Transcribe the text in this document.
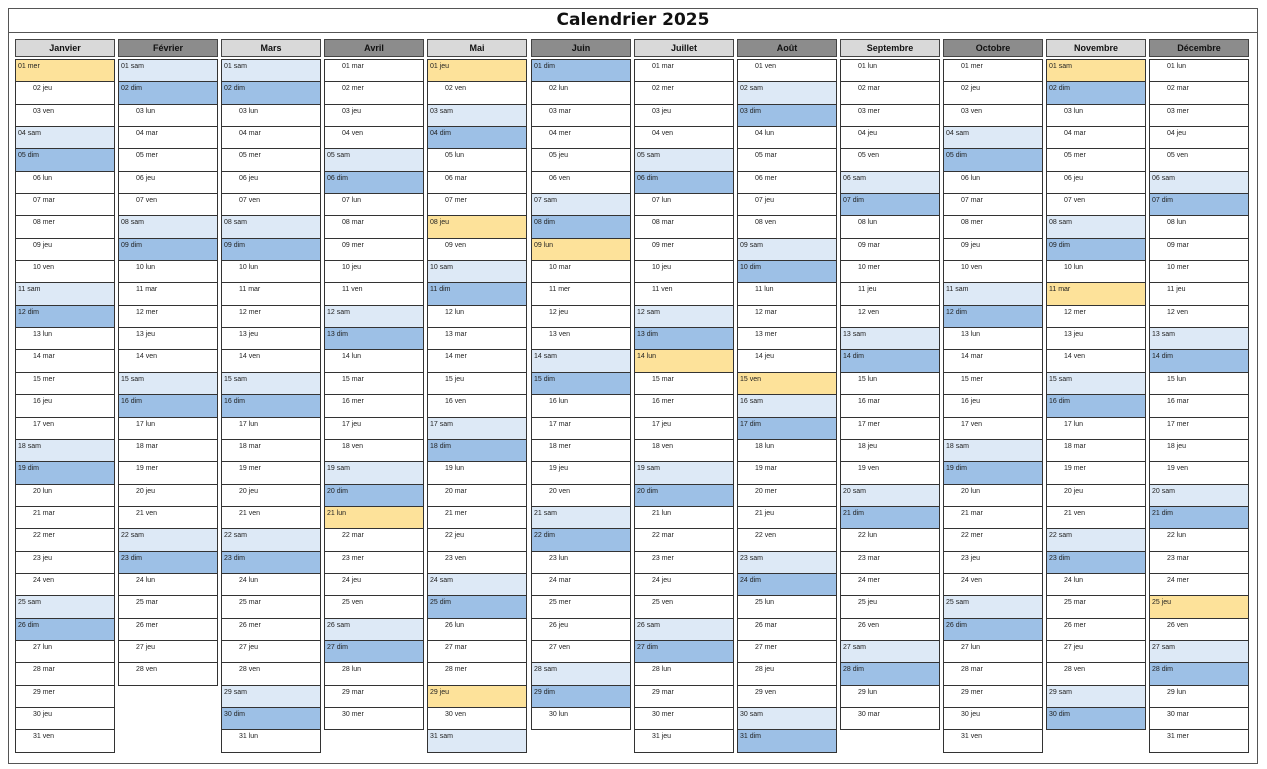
Calendrier 2025
Janvier
01 mer
02 jeu
03 ven
04 sam
05 dim
06 lun
07 mar
08 mer
09 jeu
10 ven
11 sam
12 dim
13 lun
14 mar
15 mer
16 jeu
17 ven
18 sam
19 dim
20 lun
21 mar
22 mer
23 jeu
24 ven
25 sam
26 dim
27 lun
28 mar
29 mer
30 jeu
31 ven
Février
01 sam
02 dim
03 lun
04 mar
05 mer
06 jeu
07 ven
08 sam
09 dim
10 lun
11 mar
12 mer
13 jeu
14 ven
15 sam
16 dim
17 lun
18 mar
19 mer
20 jeu
21 ven
22 sam
23 dim
24 lun
25 mar
26 mer
27 jeu
28 ven
Mars
01 sam
02 dim
03 lun
04 mar
05 mer
06 jeu
07 ven
08 sam
09 dim
10 lun
11 mar
12 mer
13 jeu
14 ven
15 sam
16 dim
17 lun
18 mar
19 mer
20 jeu
21 ven
22 sam
23 dim
24 lun
25 mar
26 mer
27 jeu
28 ven
29 sam
30 dim
31 lun
Avril
01 mar
02 mer
03 jeu
04 ven
05 sam
06 dim
07 lun
08 mar
09 mer
10 jeu
11 ven
12 sam
13 dim
14 lun
15 mar
16 mer
17 jeu
18 ven
19 sam
20 dim
21 lun
22 mar
23 mer
24 jeu
25 ven
26 sam
27 dim
28 lun
29 mar
30 mer
Mai
01 jeu
02 ven
03 sam
04 dim
05 lun
06 mar
07 mer
08 jeu
09 ven
10 sam
11 dim
12 lun
13 mar
14 mer
15 jeu
16 ven
17 sam
18 dim
19 lun
20 mar
21 mer
22 jeu
23 ven
24 sam
25 dim
26 lun
27 mar
28 mer
29 jeu
30 ven
31 sam
Juin
01 dim
02 lun
03 mar
04 mer
05 jeu
06 ven
07 sam
08 dim
09 lun
10 mar
11 mer
12 jeu
13 ven
14 sam
15 dim
16 lun
17 mar
18 mer
19 jeu
20 ven
21 sam
22 dim
23 lun
24 mar
25 mer
26 jeu
27 ven
28 sam
29 dim
30 lun
Juillet
01 mar
02 mer
03 jeu
04 ven
05 sam
06 dim
07 lun
08 mar
09 mer
10 jeu
11 ven
12 sam
13 dim
14 lun
15 mar
16 mer
17 jeu
18 ven
19 sam
20 dim
21 lun
22 mar
23 mer
24 jeu
25 ven
26 sam
27 dim
28 lun
29 mar
30 mer
31 jeu
Août
01 ven
02 sam
03 dim
04 lun
05 mar
06 mer
07 jeu
08 ven
09 sam
10 dim
11 lun
12 mar
13 mer
14 jeu
15 ven
16 sam
17 dim
18 lun
19 mar
20 mer
21 jeu
22 ven
23 sam
24 dim
25 lun
26 mar
27 mer
28 jeu
29 ven
30 sam
31 dim
Septembre
01 lun
02 mar
03 mer
04 jeu
05 ven
06 sam
07 dim
08 lun
09 mar
10 mer
11 jeu
12 ven
13 sam
14 dim
15 lun
16 mar
17 mer
18 jeu
19 ven
20 sam
21 dim
22 lun
23 mar
24 mer
25 jeu
26 ven
27 sam
28 dim
29 lun
30 mar
Octobre
01 mer
02 jeu
03 ven
04 sam
05 dim
06 lun
07 mar
08 mer
09 jeu
10 ven
11 sam
12 dim
13 lun
14 mar
15 mer
16 jeu
17 ven
18 sam
19 dim
20 lun
21 mar
22 mer
23 jeu
24 ven
25 sam
26 dim
27 lun
28 mar
29 mer
30 jeu
31 ven
Novembre
01 sam
02 dim
03 lun
04 mar
05 mer
06 jeu
07 ven
08 sam
09 dim
10 lun
11 mar
12 mer
13 jeu
14 ven
15 sam
16 dim
17 lun
18 mar
19 mer
20 jeu
21 ven
22 sam
23 dim
24 lun
25 mar
26 mer
27 jeu
28 ven
29 sam
30 dim
Décembre
01 lun
02 mar
03 mer
04 jeu
05 ven
06 sam
07 dim
08 lun
09 mar
10 mer
11 jeu
12 ven
13 sam
14 dim
15 lun
16 mar
17 mer
18 jeu
19 ven
20 sam
21 dim
22 lun
23 mar
24 mer
25 jeu
26 ven
27 sam
28 dim
29 lun
30 mar
31 mer
